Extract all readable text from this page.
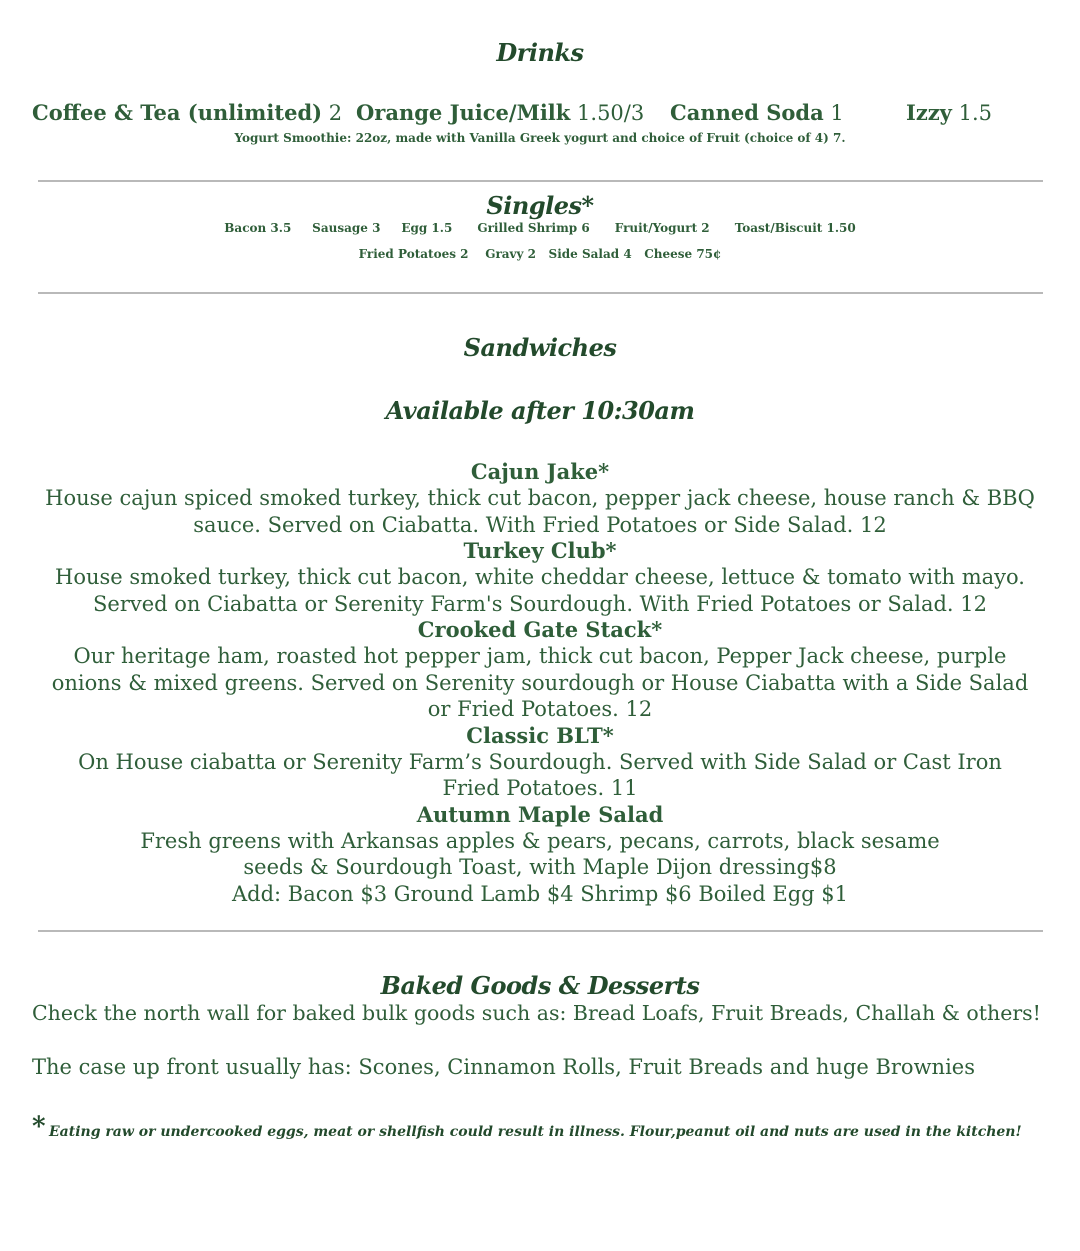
Drinks
Coffee & Tea (unlimited) 2 Orange Juice/Milk 1.50/3 Canned Soda 1	Izzy 1.5
Yogurt Smoothie: 22oz, made with Vanilla Greek yogurt and choice of Fruit (choice of 4) 7.
Singles*
Bacon 3.5     Sausage 3     Egg 1.5      Grilled Shrimp 6      Fruit/Yogurt 2      Toast/Biscuit 1.50
Fried Potatoes 2    Gravy 2   Side Salad 4   Cheese 75¢
Sandwiches
Available after 10:30am
Cajun Jake*
House cajun spiced smoked turkey, thick cut bacon, pepper jack cheese, house ranch & BBQ sauce. Served on Ciabatta. With Fried Potatoes or Side Salad. 12
Turkey Club*
House smoked turkey, thick cut bacon, white cheddar cheese, lettuce & tomato with mayo. Served on Ciabatta or Serenity Farm's Sourdough. With Fried Potatoes or Salad. 12
Crooked Gate Stack*
Our heritage ham, roasted hot pepper jam, thick cut bacon, Pepper Jack cheese, purple onions & mixed greens. Served on Serenity sourdough or House Ciabatta with a Side Salad or Fried Potatoes. 12
Classic BLT*
On House ciabatta or Serenity Farm’s Sourdough. Served with Side Salad or Cast Iron Fried Potatoes. 11
Autumn Maple Salad
Fresh greens with Arkansas apples & pears, pecans, carrots, black sesame seeds & Sourdough Toast, with Maple Dijon dressing$8
Add: Bacon $3 Ground Lamb $4 Shrimp $6 Boiled Egg $1
Baked Goods & Desserts
Check the north wall for baked bulk goods such as: Bread Loafs, Fruit Breads, Challah & others!
The case up front usually has: Scones, Cinnamon Rolls, Fruit Breads and huge Brownies
* Eating raw or undercooked eggs, meat or shellfish could result in illness. Flour,peanut oil and nuts are used in the kitchen!
